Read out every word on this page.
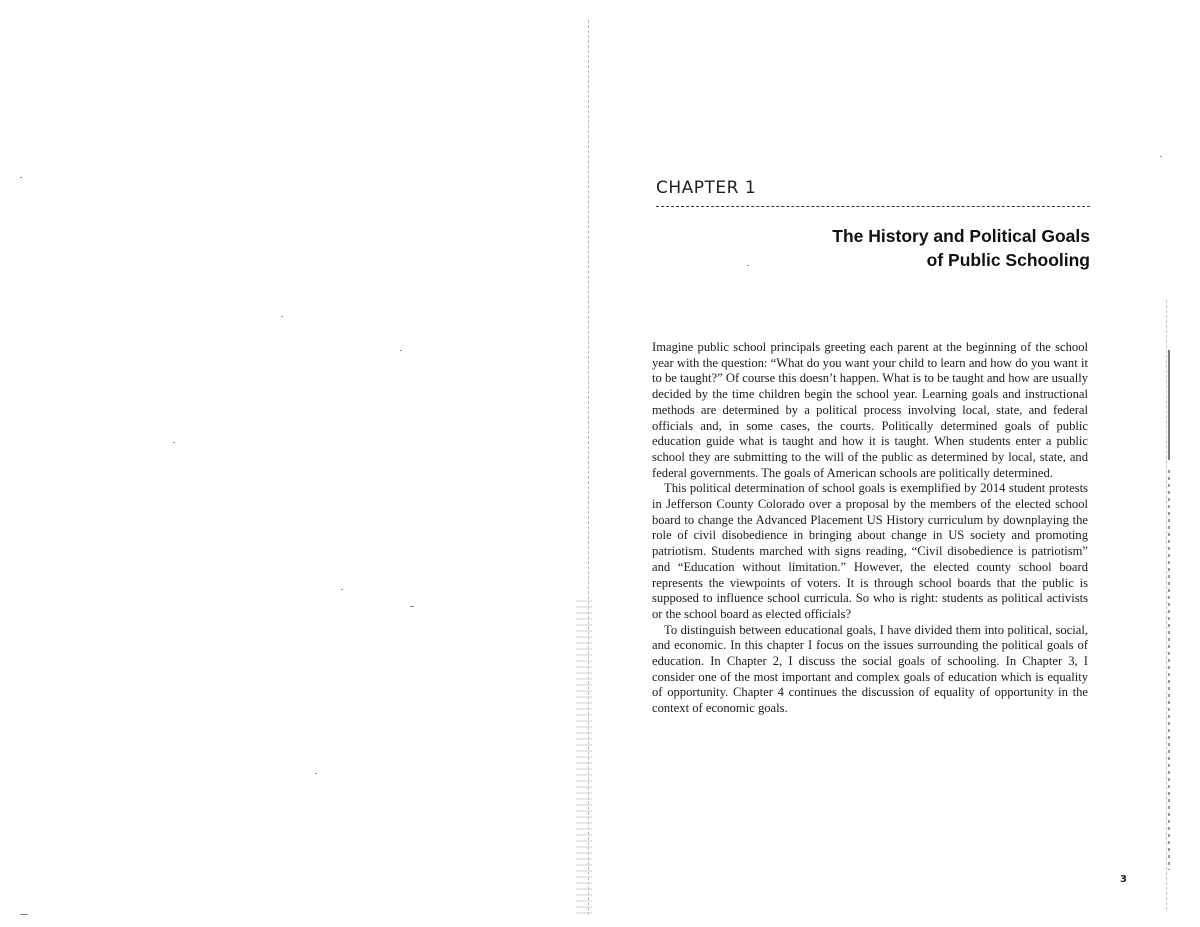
CHAPTER 1
The History and Political Goals
of Public Schooling

Imagine public school principals greeting each parent at the beginning of the school year with the question: “What do you want your child to learn and how do you want it to be taught?” Of course this doesn’t happen. What is to be taught and how are usually decided by the time children begin the school year. Learning goals and instructional methods are determined by a political process involving local, state, and federal officials and, in some cases, the courts. Politically determined goals of public education guide what is taught and how it is taught. When students enter a public school they are submitting to the will of the public as determined by local, state, and federal governments. The goals of American schools are politically determined.

This political determination of school goals is exemplified by 2014 student protests in Jefferson County Colorado over a proposal by the members of the elected school board to change the Advanced Placement US History curriculum by downplaying the role of civil disobedience in bringing about change in US society and promoting patriotism. Students marched with signs reading, “Civil disobedience is patriotism” and “Education without limitation.” However, the elected county school board represents the viewpoints of voters. It is through school boards that the public is supposed to influence school curricula. So who is right: students as political activists or the school board as elected officials?

To distinguish between educational goals, I have divided them into political, social, and economic. In this chapter I focus on the issues surrounding the political goals of education. In Chapter 2, I discuss the social goals of schooling. In Chapter 3, I consider one of the most important and complex goals of education which is equality of opportunity. Chapter 4 continues the discussion of equality of opportunity in the context of economic goals.

3
